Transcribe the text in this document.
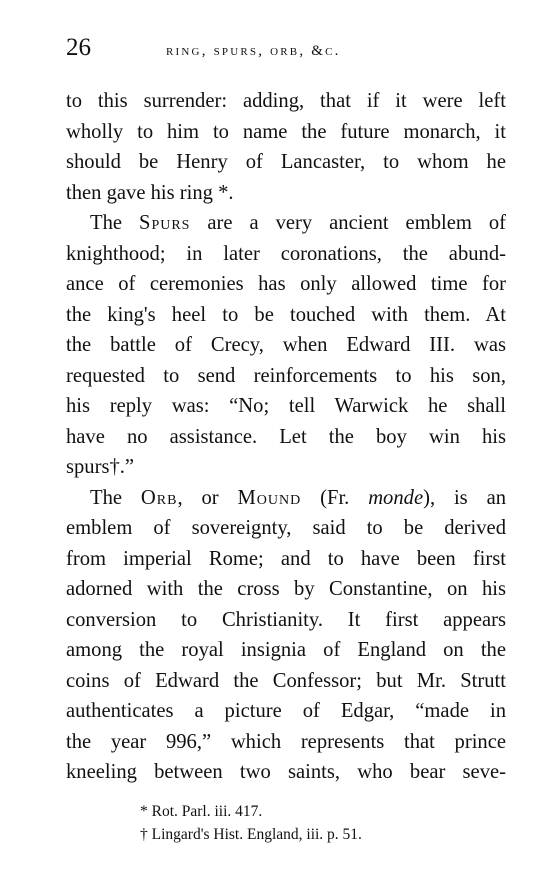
26	ring, spurs, orb, &c.
to this surrender: adding, that if it were left
wholly to him to name the future monarch, it
should be Henry of Lancaster, to whom he
then gave his ring *.
The Spurs are a very ancient emblem of
knighthood; in later coronations, the abund-
ance of ceremonies has only allowed time for
the king's heel to be touched with them. At
the battle of Crecy, when Edward III. was
requested to send reinforcements to his son,
his reply was: “No; tell Warwick he shall
have no assistance. Let the boy win his
spurs†.”
The Orb, or Mound (Fr. monde), is an
emblem of sovereignty, said to be derived
from imperial Rome; and to have been first
adorned with the cross by Constantine, on his
conversion to Christianity. It first appears
among the royal insignia of England on the
coins of Edward the Confessor; but Mr. Strutt
authenticates a picture of Edgar, “made in
the year 996,” which represents that prince
kneeling between two saints, who bear seve-
* Rot. Parl. iii. 417.
† Lingard's Hist. England, iii. p. 51.
